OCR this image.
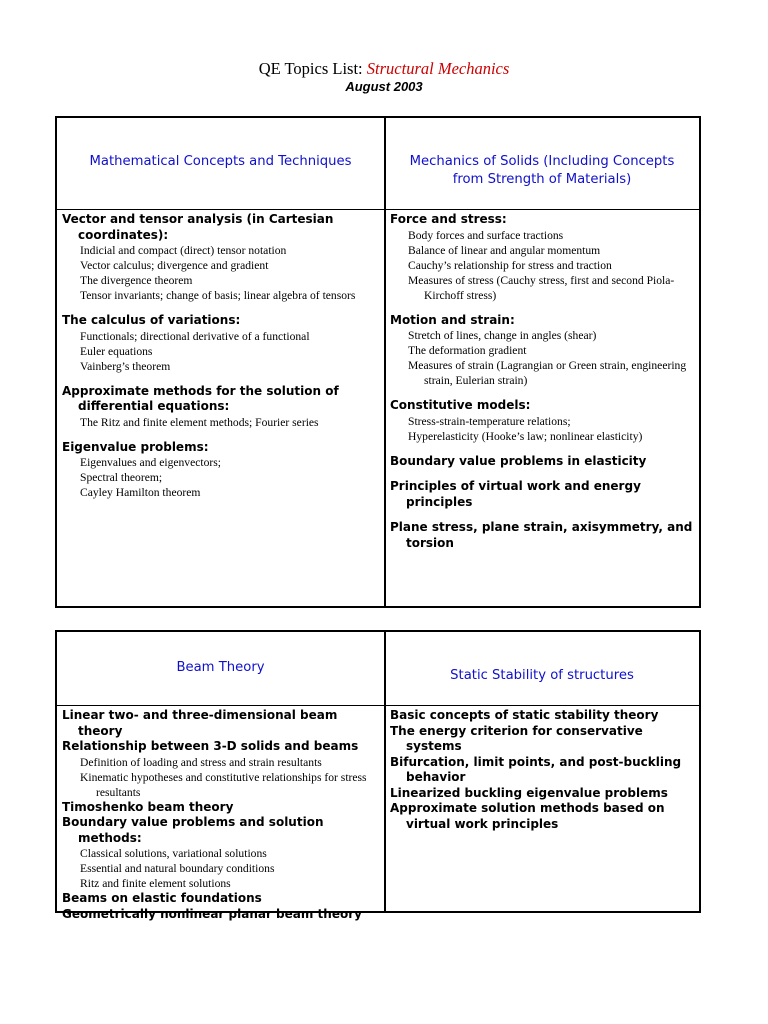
QE Topics List: Structural Mechanics
August 2003
Mathematical Concepts and Techniques	Mechanics of Solids (Including Concepts from Strength of Materials)
Vector and tensor analysis (in Cartesian coordinates):
Indicial and compact (direct) tensor notation
Vector calculus; divergence and gradient
The divergence theorem
Tensor invariants; change of basis; linear algebra of tensors
The calculus of variations:
Functionals; directional derivative of a functional
Euler equations
Vainberg’s theorem
Approximate methods for the solution of differential equations:
The Ritz and finite element methods; Fourier series
Eigenvalue problems:
Eigenvalues and eigenvectors;
Spectral theorem;
Cayley Hamilton theorem
Force and stress:
Body forces and surface tractions
Balance of linear and angular momentum
Cauchy’s relationship for stress and traction
Measures of stress (Cauchy stress, first and second Piola-Kirchoff stress)
Motion and strain:
Stretch of lines, change in angles (shear)
The deformation gradient
Measures of strain (Lagrangian or Green strain, engineering strain, Eulerian strain)
Constitutive models:
Stress-strain-temperature relations;
Hyperelasticity (Hooke’s law; nonlinear elasticity)
Boundary value problems in elasticity
Principles of virtual work and energy principles
Plane stress, plane strain, axisymmetry, and torsion
Beam Theory
Static Stability of structures
Linear two- and three-dimensional beam theory
Relationship between 3-D solids and beams
Definition of loading and stress and strain resultants
Kinematic hypotheses and constitutive relationships for stress resultants
Timoshenko beam theory
Boundary value problems and solution methods:
Classical solutions, variational solutions
Essential and natural boundary conditions
Ritz and finite element solutions
Beams on elastic foundations
Geometrically nonlinear planar beam theory
Basic concepts of static stability theory
The energy criterion for conservative systems
Bifurcation, limit points, and post-buckling behavior
Linearized buckling eigenvalue problems
Approximate solution methods based on virtual work principles
